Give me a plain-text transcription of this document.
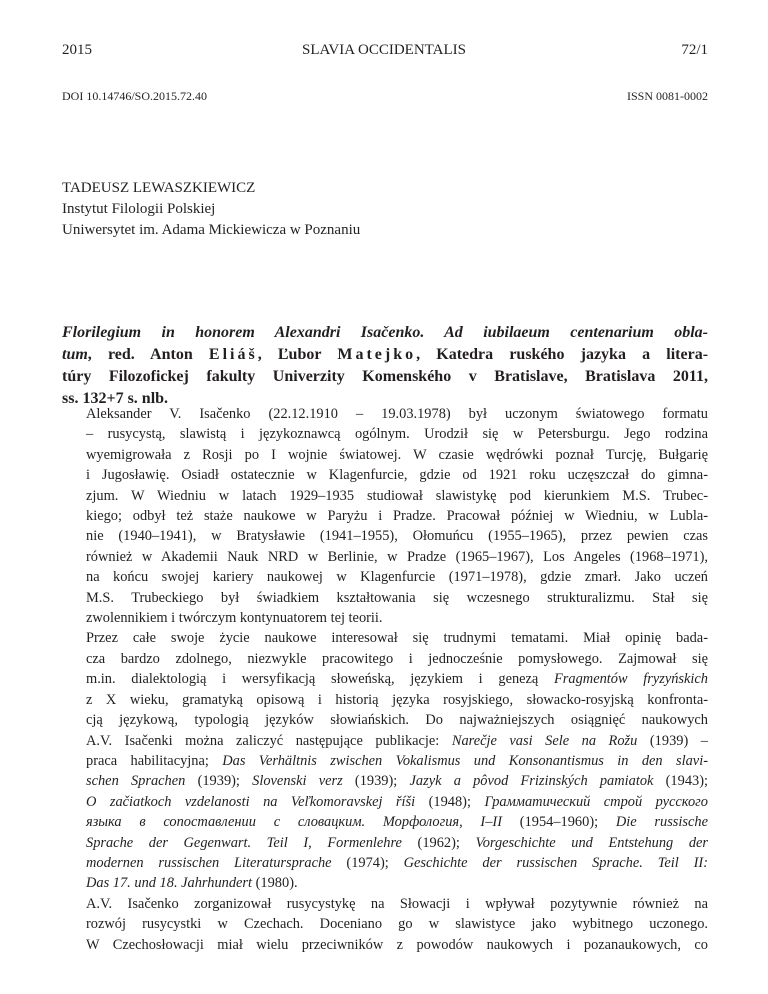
2015	SLAVIA OCCIDENTALIS	72/1
DOI 10.14746/SO.2015.72.40	ISSN 0081-0002
TADEUSZ LEWASZKIEWICZ
Instytut Filologii Polskiej
Uniwersytet im. Adama Mickiewicza w Poznaniu
Florilegium in honorem Alexandri Isačenko. Ad iubilaeum centenarium obla-
tum, red. Anton Eliáš, Ľubor Matejko, Katedra ruského jazyka a litera-
túry Filozofickej fakulty Univerzity Komenského v Bratislave, Bratislava 2011,
ss. 132+7 s. nlb.

Aleksander V. Isačenko (22.12.1910 – 19.03.1978) był uczonym światowego formatu
– rusycystą, slawistą i językoznawcą ogólnym. Urodził się w Petersburgu. Jego rodzina
wyemigrowała z Rosji po I wojnie światowej. W czasie wędrówki poznał Turcję, Bułgarię
i Jugosławię. Osiadł ostatecznie w Klagenfurcie, gdzie od 1921 roku uczęszczał do gimna-
zjum. W Wiedniu w latach 1929–1935 studiował slawistykę pod kierunkiem M.S. Trubec-
kiego; odbył też staże naukowe w Paryżu i Pradze. Pracował później w Wiedniu, w Lubla-
nie (1940–1941), w Bratysławie (1941–1955), Ołomuńcu (1955–1965), przez pewien czas
również w Akademii Nauk NRD w Berlinie, w Pradze (1965–1967), Los Angeles (1968–1971),
na końcu swojej kariery naukowej w Klagenfurcie (1971–1978), gdzie zmarł. Jako uczeń
M.S. Trubeckiego był świadkiem kształtowania się wczesnego strukturalizmu. Stał się
zwolennikiem i twórczym kontynuatorem tej teorii.

Przez całe swoje życie naukowe interesował się trudnymi tematami. Miał opinię bada-
cza bardzo zdolnego, niezwykle pracowitego i jednocześnie pomysłowego. Zajmował się
m.in. dialektologią i wersyfikacją słoweńską, językiem i genezą Fragmentów fryzyńskich
z X wieku, gramatyką opisową i historią języka rosyjskiego, słowacko-rosyjską konfronta-
cją językową, typologią języków słowiańskich. Do najważniejszych osiągnięć naukowych
A.V. Isačenki można zaliczyć następujące publikacje: Narečje vasi Sele na Rožu (1939) –
praca habilitacyjna; Das Verhältnis zwischen Vokalismus und Konsonantismus in den slavi-
schen Sprachen (1939); Slovenski verz (1939); Jazyk a pôvod Frizinských pamiatok (1943);
O začiatkoch vzdelanosti na Veľkomoravskej říši (1948); Грамматический строй русского
языка в сопоставлении с словацким. Морфология, I–II (1954–1960); Die russische
Sprache der Gegenwart. Teil I, Formenlehre (1962); Vorgeschichte und Entstehung der
modernen russischen Literatursprache (1974); Geschichte der russischen Sprache. Teil II:
Das 17. und 18. Jahrhundert (1980).

A.V. Isačenko zorganizował rusycystykę na Słowacji i wpływał pozytywnie również na
rozwój rusycystki w Czechach. Doceniano go w slawistyce jako wybitnego uczonego.
W Czechosłowacji miał wielu przeciwników z powodów naukowych i pozanaukowych, co
